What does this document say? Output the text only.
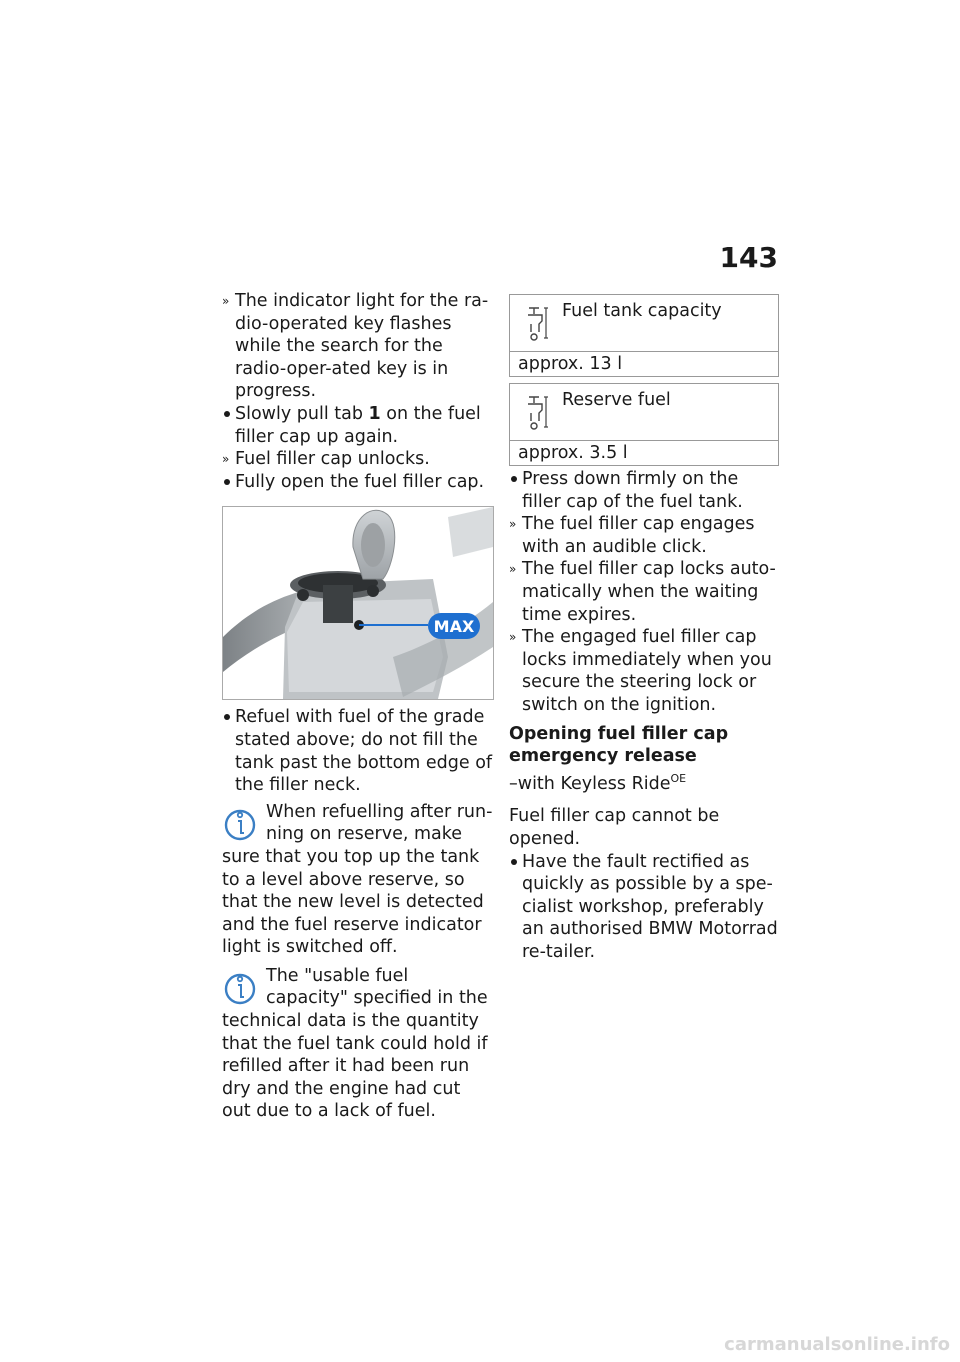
143
» The indicator light for the ra-dio-operated key flashes while the search for the radio-oper-ated key is in progress.
Slowly pull tab 1 on the fuel filler cap up again.
» Fuel filler cap unlocks.
Fully open the fuel filler cap.
MAX
Refuel with fuel of the grade stated above; do not fill the tank past the bottom edge of the filler neck.

When refuelling after run-ning on reserve, make sure that you top up the tank to a level above reserve, so that the new level is detected and the fuel reserve indicator light is switched off.

The "usable fuel capacity" specified in the technical data is the quantity that the fuel tank could hold if refilled after it had been run dry and the engine had cut out due to a lack of fuel.

Fuel tank capacity
approx. 13 l
Reserve fuel
approx. 3.5 l
Press down firmly on the filler cap of the fuel tank.
» The fuel filler cap engages with an audible click.
» The fuel filler cap locks auto-matically when the waiting time expires.
» The engaged fuel filler cap locks immediately when you secure the steering lock or switch on the ignition.
Opening fuel filler cap emergency release

–with Keyless Ride$^{OE}$

Fuel filler cap cannot be opened.

Have the fault rectified as quickly as possible by a spe-cialist workshop, preferably an authorised BMW Motorrad re-tailer.
carmanualsonline.info
